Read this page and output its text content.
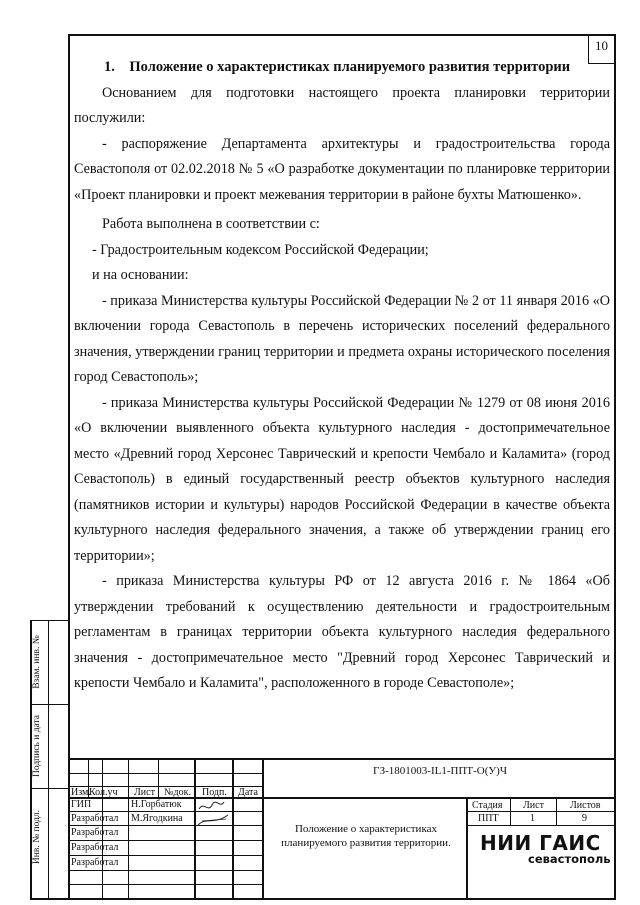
10

1. Положение о характеристиках планируемого развития территории

Основанием для подготовки настоящего проекта планировки территории послужили:

- распоряжение Департамента архитектуры и градостроительства города Севастополя от 02.02.2018 № 5 «О разработке документации по планировке территории «Проект планировки и проект межевания территории в районе бухты Матюшенко».

Работа выполнена в соответствии с:

- Градостроительным кодексом Российской Федерации;

и на основании:

- приказа Министерства культуры Российской Федерации № 2 от 11 января 2016 «О включении города Севастополь в перечень исторических поселений федерального значения, утверждении границ территории и предмета охраны исторического поселения город Севастополь»;

- приказа Министерства культуры Российской Федерации № 1279 от 08 июня 2016 «О включении выявленного объекта культурного наследия - достопримечательное место «Древний город Херсонес Таврический и крепости Чембало и Каламита» (город Севастополь) в единый государственный реестр объектов культурного наследия (памятников истории и культуры) народов Российской Федерации в качестве объекта культурного наследия федерального значения, а также об утверждении границ его территории»;

- приказа Министерства культуры РФ от 12 августа 2016 г. № 1864 «Об утверждении требований к осуществлению деятельности и градостроительным регламентам в границах территории объекта культурного наследия федерального значения - достопримечательное место "Древний город Херсонес Таврический и крепости Чембало и Каламита", расположенного в городе Севастополе»;

Взам. инв. №
Подпись и дата
Инв. № подл.
Изм.
Кол.уч Лист №док. Подп. Дата
ГИП	Н.Горбатюк
Разработал М.Ягодкина
Разработал
Разработал
Разработал
ГЗ-1801003-IL1-ППТ-О(У)Ч
Положение о характеристиках планируемого развития территории.
Стадия Лист	Листов
ППТ	1	9
НИИ ГАИС
севастополь
